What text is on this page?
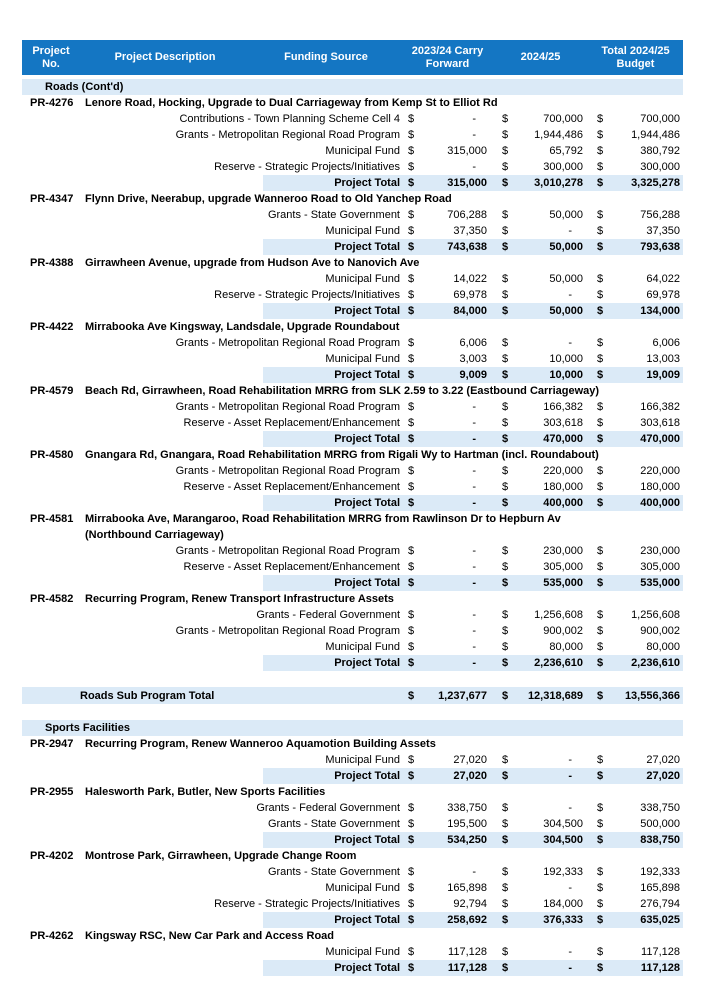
Project No.
Project Description	Funding Source
2023/24 Carry Forward
2024/25
Total 2024/25 Budget
Roads (Cont'd)
PR-4276	Lenore Road, Hocking, Upgrade to Dual Carriageway from Kemp St to Elliot Rd
Contributions - Town Planning Scheme Cell 4 $	-	$	700,000 $	700,000
Grants - Metropolitan Regional Road Program $	-	$ 1,944,486 $	1,944,486
Municipal Fund $	315,000 $	65,792 $	380,792
Reserve - Strategic Projects/Initiatives $	-	$	300,000 $	300,000
Project Total $	315,000 $ 3,010,278 $	3,325,278
PR-4347	Flynn Drive, Neerabup, upgrade Wanneroo Road to Old Yanchep Road
Grants - State Government $	706,288 $	50,000 $	756,288
Municipal Fund $	37,350 $	-	$	37,350
Project Total $	743,638 $	50,000 $	793,638
PR-4388	Girrawheen Avenue, upgrade from Hudson Ave to Nanovich Ave
Municipal Fund $	14,022 $	50,000 $	64,022
Reserve - Strategic Projects/Initiatives $	69,978 $	-	$	69,978
Project Total $	84,000 $	50,000 $	134,000
PR-4422	Mirrabooka Ave Kingsway, Landsdale, Upgrade Roundabout
Grants - Metropolitan Regional Road Program $	6,006 $	-	$	6,006
Municipal Fund $	3,003 $	10,000 $	13,003
Project Total $	9,009 $	10,000 $	19,009
PR-4579	Beach Rd, Girrawheen, Road Rehabilitation MRRG from SLK 2.59 to 3.22 (Eastbound Carriageway)
Grants - Metropolitan Regional Road Program $	-	$	166,382 $	166,382
Reserve - Asset Replacement/Enhancement $	-	$	303,618 $	303,618
Project Total $	-	$	470,000 $	470,000
PR-4580	Gnangara Rd, Gnangara, Road Rehabilitation MRRG from Rigali Wy to Hartman (incl. Roundabout)
Grants - Metropolitan Regional Road Program $	-	$	220,000 $	220,000
Reserve - Asset Replacement/Enhancement $	-	$	180,000 $	180,000
Project Total $	-	$	400,000 $	400,000
PR-4581	Mirrabooka Ave, Marangaroo, Road Rehabilitation MRRG from Rawlinson Dr to Hepburn Av
(Northbound Carriageway)
Grants - Metropolitan Regional Road Program $	-	$	230,000 $	230,000
Reserve - Asset Replacement/Enhancement $	-	$	305,000 $	305,000
Project Total $	-	$	535,000 $	535,000
PR-4582	Recurring Program, Renew Transport Infrastructure Assets
Grants - Federal Government $	-	$ 1,256,608 $	1,256,608
Grants - Metropolitan Regional Road Program $	-	$	900,002 $	900,002
Municipal Fund $	-	$	80,000 $	80,000
Project Total $	-	$ 2,236,610 $	2,236,610
Roads Sub Program Total	$ 1,237,677 $ 12,318,689 $ 13,556,366
Sports Facilities
PR-2947	Recurring Program, Renew Wanneroo Aquamotion Building Assets
Municipal Fund $	27,020 $	-	$	27,020
Project Total $	27,020 $	-	$	27,020
PR-2955	Halesworth Park, Butler, New Sports Facilities
Grants - Federal Government $	338,750 $	-	$	338,750
Grants - State Government $	195,500 $	304,500 $	500,000
Project Total $	534,250 $	304,500 $	838,750
PR-4202	Montrose Park, Girrawheen, Upgrade Change Room
Grants - State Government $	-	$	192,333 $	192,333
Municipal Fund $	165,898 $	-	$	165,898
Reserve - Strategic Projects/Initiatives $	92,794 $	184,000 $	276,794
Project Total $	258,692 $	376,333 $	635,025
PR-4262	Kingsway RSC, New Car Park and Access Road
Municipal Fund $	117,128 $	-	$	117,128
Project Total $	117,128 $	-	$	117,128
